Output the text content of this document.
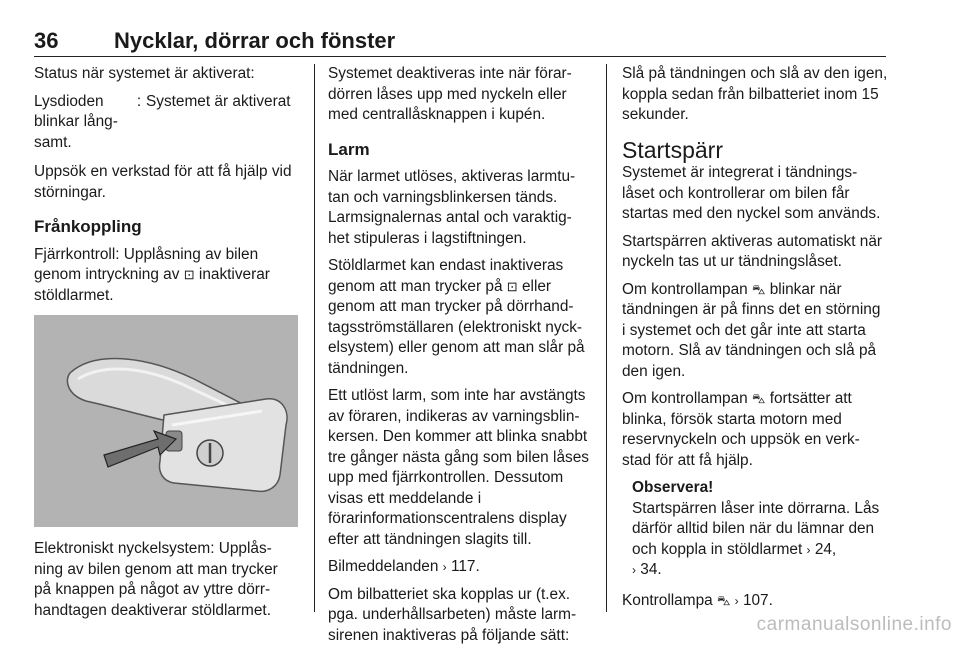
36	Nycklar, dörrar och fönster

Status när systemet är aktiverat:

Lysdioden blinkar lång-samt.
: Systemet är aktiverat

Uppsök en verkstad för att få hjälp vid störningar.

Frånkoppling

Fjärrkontroll: Upplåsning av bilen genom intryckning av ⊡ inaktiverar stöldlarmet.

Elektroniskt nyckelsystem: Upplås-ning av bilen genom att man trycker på knappen på något av yttre dörr-handtagen deaktiverar stöldlarmet.

Systemet deaktiveras inte när förar-dörren låses upp med nyckeln eller med centrallåsknappen i kupén.

Larm

När larmet utlöses, aktiveras larmtu-tan och varningsblinkersen tänds. Larmsignalernas antal och varaktig-het stipuleras i lagstiftningen.

Stöldlarmet kan endast inaktiveras genom att man trycker på ⊡ eller genom att man trycker på dörrhand-tagsströmställaren (elektroniskt nyck-elsystem) eller genom att man slår på tändningen.

Ett utlöst larm, som inte har avstängts av föraren, indikeras av varningsblin-kersen. Den kommer att blinka snabbt tre gånger nästa gång som bilen låses upp med fjärrkontrollen. Dessutom visas ett meddelande i förarinformationscentralens display efter att tändningen slagits till.

Bilmeddelanden › 117.

Om bilbatteriet ska kopplas ur (t.ex. pga. underhållsarbeten) måste larm-sirenen inaktiveras på följande sätt:

Slå på tändningen och slå av den igen, koppla sedan från bilbatteriet inom 15 sekunder.

Startspärr

Systemet är integrerat i tändnings-låset och kontrollerar om bilen får startas med den nyckel som används.

Startspärren aktiveras automatiskt när nyckeln tas ut ur tändningslåset.

Om kontrollampan ⛍ blinkar när tändningen är på finns det en störning i systemet och det går inte att starta motorn. Slå av tändningen och slå på den igen.

Om kontrollampan ⛍ fortsätter att blinka, försök starta motorn med reservnyckeln och uppsök en verk-stad för att få hjälp.

Observera!
Startspärren låser inte dörrarna. Lås därför alltid bilen när du lämnar den och koppla in stöldlarmet › 24,
› 34.

Kontrollampa ⛍ › 107.

carmanualsonline.info
